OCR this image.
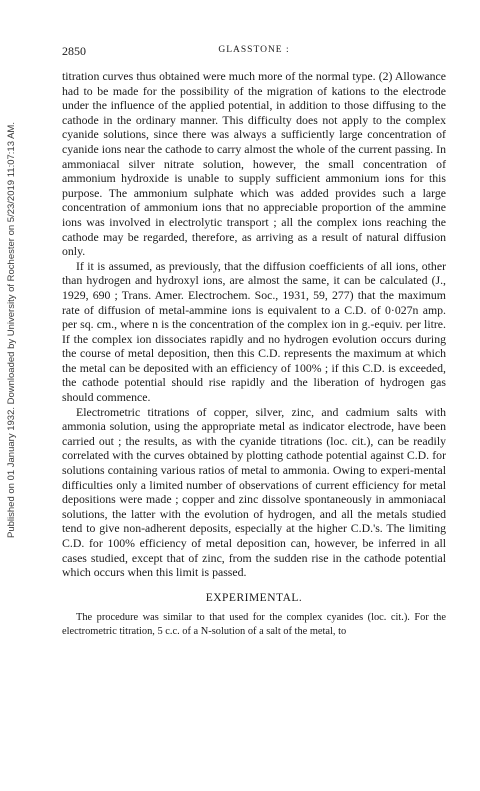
Published on 01 January 1932. Downloaded by University of Rochester on 5/23/2019 11:07:13 AM.
2850	GLASSTONE :

titration curves thus obtained were much more of the normal type. (2) Allowance had to be made for the possibility of the migration of kations to the electrode under the influence of the applied potential, in addition to those diffusing to the cathode in the ordinary manner. This difficulty does not apply to the complex cyanide solutions, since there was always a sufficiently large concentration of cyanide ions near the cathode to carry almost the whole of the current passing. In ammoniacal silver nitrate solution, however, the small concentration of ammonium hydroxide is unable to supply sufficient ammonium ions for this purpose. The ammonium sulphate which was added provides such a large concentration of ammonium ions that no appreciable proportion of the ammine ions was involved in electrolytic transport ; all the complex ions reaching the cathode may be regarded, therefore, as arriving as a result of natural diffusion only.

If it is assumed, as previously, that the diffusion coefficients of all ions, other than hydrogen and hydroxyl ions, are almost the same, it can be calculated (J., 1929, 690 ; Trans. Amer. Electrochem. Soc., 1931, 59, 277) that the maximum rate of diffusion of metal-ammine ions is equivalent to a C.D. of 0·027n amp. per sq. cm., where n is the concentration of the complex ion in g.-equiv. per litre. If the complex ion dissociates rapidly and no hydrogen evolution occurs during the course of metal deposition, then this C.D. represents the maximum at which the metal can be deposited with an efficiency of 100% ; if this C.D. is exceeded, the cathode potential should rise rapidly and the liberation of hydrogen gas should commence.

Electrometric titrations of copper, silver, zinc, and cadmium salts with ammonia solution, using the appropriate metal as indicator electrode, have been carried out ; the results, as with the cyanide titrations (loc. cit.), can be readily correlated with the curves obtained by plotting cathode potential against C.D. for solutions containing various ratios of metal to ammonia. Owing to experi-mental difficulties only a limited number of observations of current efficiency for metal depositions were made ; copper and zinc dissolve spontaneously in ammoniacal solutions, the latter with the evolution of hydrogen, and all the metals studied tend to give non-adherent deposits, especially at the higher C.D.'s. The limiting C.D. for 100% efficiency of metal deposition can, however, be inferred in all cases studied, except that of zinc, from the sudden rise in the cathode potential which occurs when this limit is passed.

EXPERIMENTAL.

The procedure was similar to that used for the complex cyanides (loc. cit.). For the electrometric titration, 5 c.c. of a N-solution of a salt of the metal, to
